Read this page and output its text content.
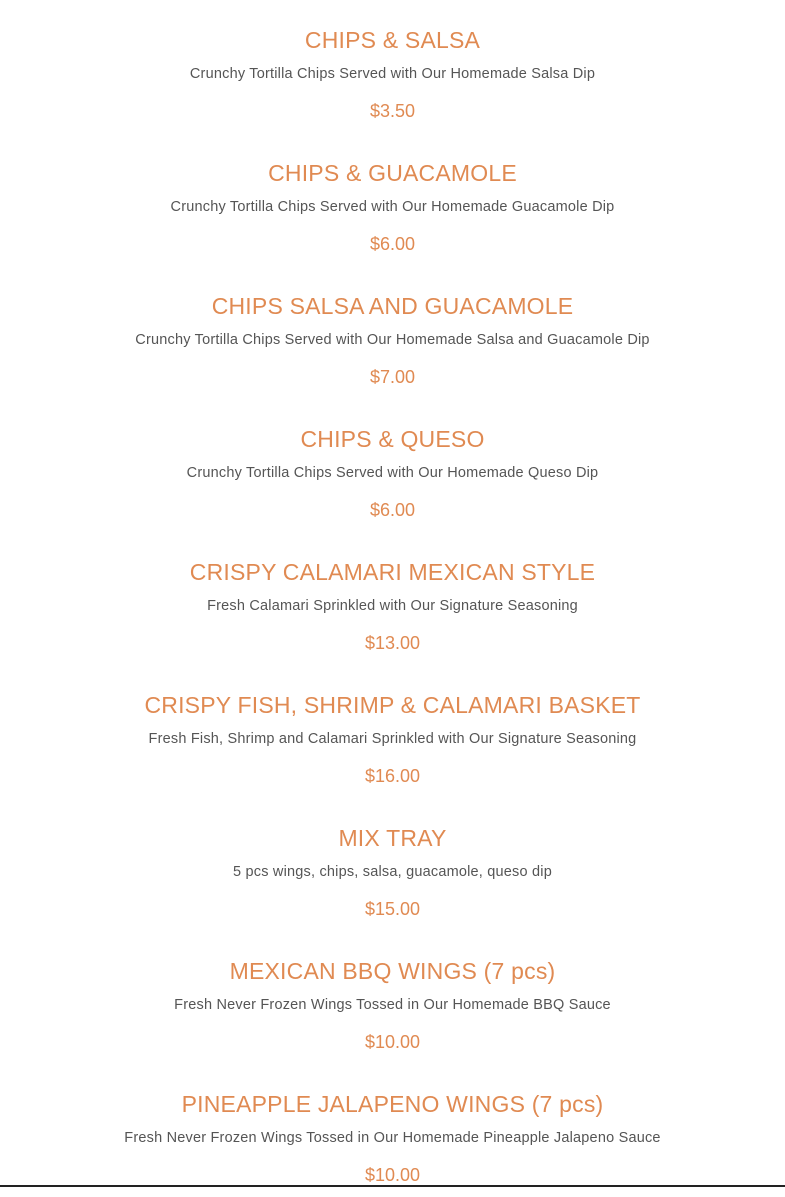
CHIPS & SALSA
Crunchy Tortilla Chips Served with Our Homemade Salsa Dip
$3.50
CHIPS & GUACAMOLE
Crunchy Tortilla Chips Served with Our Homemade Guacamole Dip
$6.00
CHIPS SALSA AND GUACAMOLE
Crunchy Tortilla Chips Served with Our Homemade Salsa and Guacamole Dip
$7.00
CHIPS & QUESO
Crunchy Tortilla Chips Served with Our Homemade Queso Dip
$6.00
CRISPY CALAMARI MEXICAN STYLE
Fresh Calamari Sprinkled with Our Signature Seasoning
$13.00
CRISPY FISH, SHRIMP & CALAMARI BASKET
Fresh Fish, Shrimp and Calamari Sprinkled with Our Signature Seasoning
$16.00
MIX TRAY
5 pcs wings, chips, salsa, guacamole, queso dip
$15.00
MEXICAN BBQ WINGS (7 pcs)
Fresh Never Frozen Wings Tossed in Our Homemade BBQ Sauce
$10.00
PINEAPPLE JALAPENO WINGS (7 pcs)
Fresh Never Frozen Wings Tossed in Our Homemade Pineapple Jalapeno Sauce
$10.00
